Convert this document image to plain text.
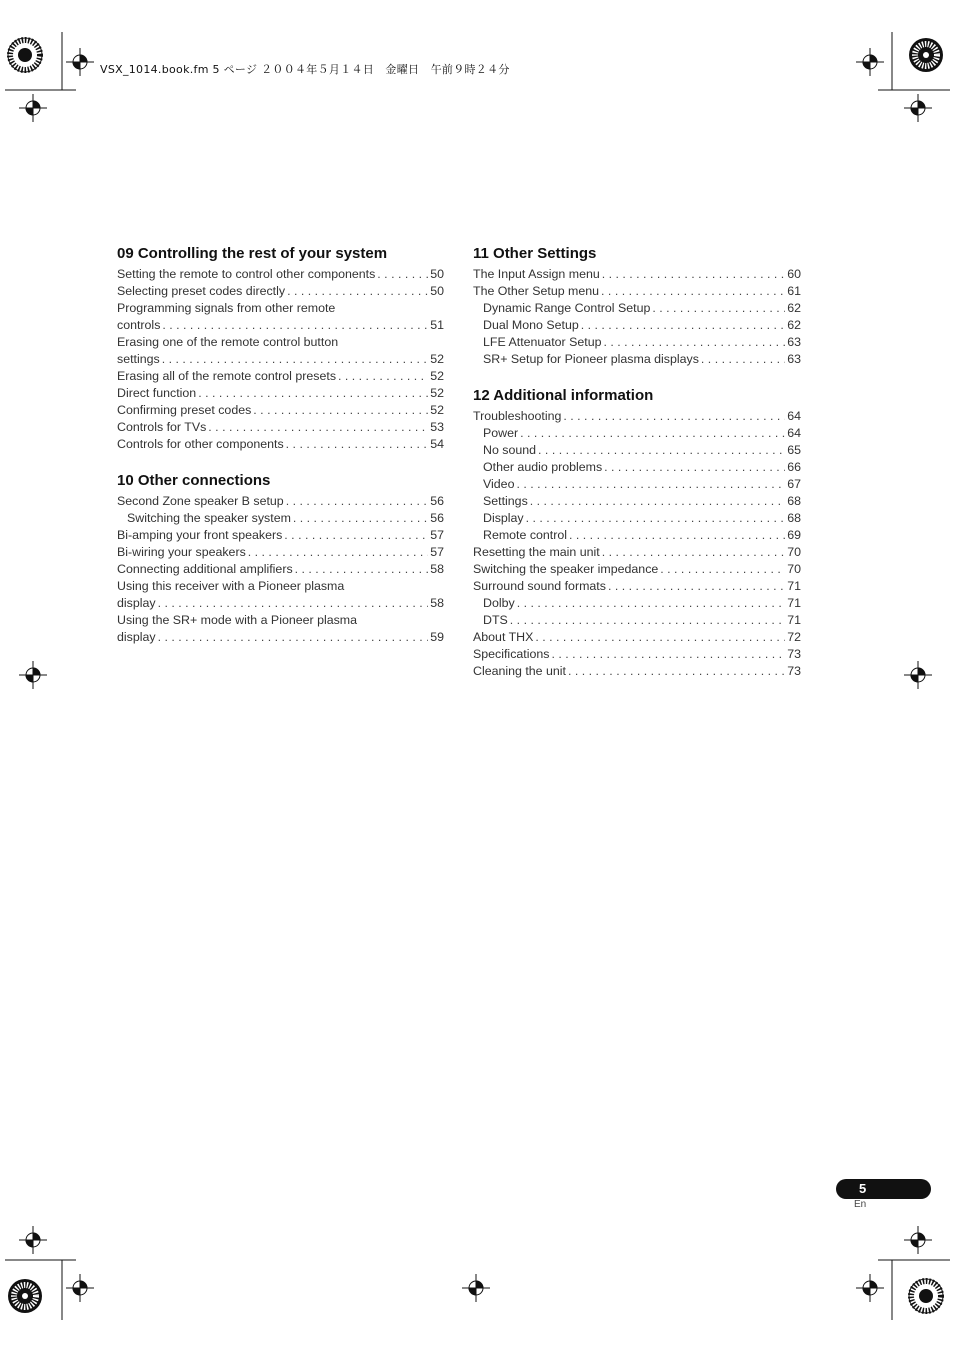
VSX_1014.book.fm 5 ページ ２００４年５月１４日　金曜日　午前９時２４分
09 Controlling the rest of your system
Setting the remote to control other components . . .	50
Selecting preset codes directly . . .	50
Programming signals from other remote
controls . . .	51
Erasing one of the remote control button
settings . . .	52
Erasing all of the remote control presets . . .	52
Direct function . . .	52
Confirming preset codes . . .	52
Controls for TVs . . .	53
Controls for other components . . .	54
10 Other connections
Second Zone speaker B setup . . .	56
Switching the speaker system . . .	56
Bi-amping your front speakers . . .	57
Bi-wiring your speakers . . .	57
Connecting additional amplifiers . . .	58
Using this receiver with a Pioneer plasma
display . . .	58
Using the SR+ mode with a Pioneer plasma
display . . .	59
11 Other Settings
The Input Assign menu . . .	60
The Other Setup menu . . .	61
Dynamic Range Control Setup . . .	62
Dual Mono Setup . . .	62
LFE Attenuator Setup . . .	63
SR+ Setup for Pioneer plasma displays . . .	63
12 Additional information
Troubleshooting . . .	64
Power . . .	64
No sound . . .	65
Other audio problems . . .	66
Video . . .	67
Settings . . .	68
Display . . .	68
Remote control . . .	69
Resetting the main unit . . .	70
Switching the speaker impedance . . .	70
Surround sound formats . . .	71
Dolby . . .	71
DTS . . .	71
About THX . . .	72
Specifications . . .	73
Cleaning the unit . . .	73
5
En
